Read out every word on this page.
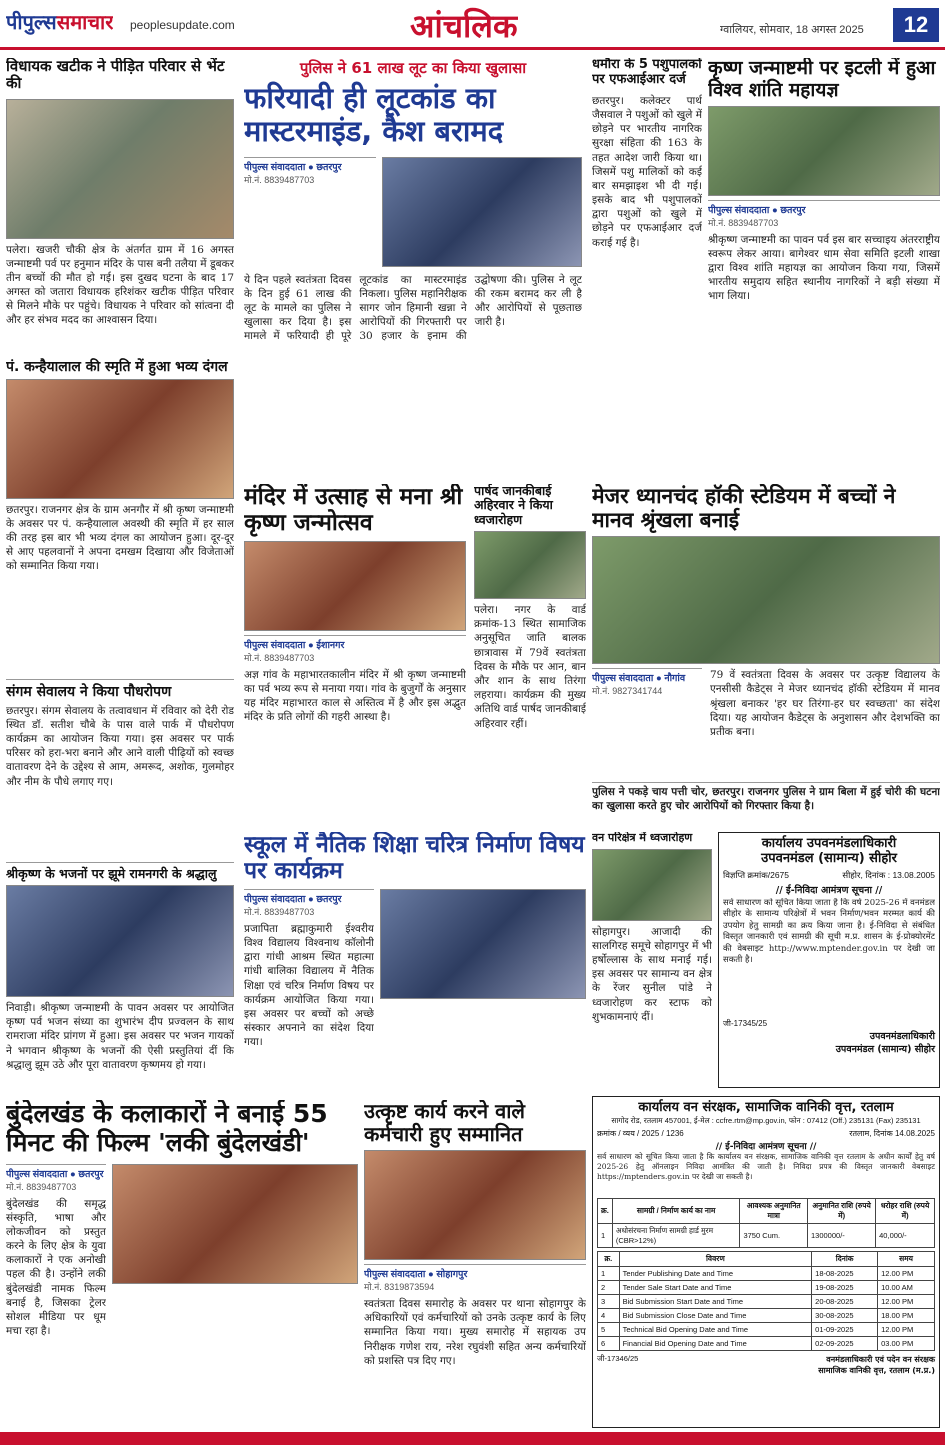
पीपुल्ससमाचार peoplesupdate.com	आंचलिक	ग्वालियर, सोमवार, 18 अगस्त 2025	12
विधायक खटीक ने पीड़ित परिवार से भेंट की
पलेरा। खजरी चौकी क्षेत्र के अंतर्गत ग्राम में 16 अगस्त जन्माष्टमी पर्व पर हनुमान मंदिर के पास बनी तलैया में डूबकर तीन बच्चों की मौत हो गई। इस दुखद घटना के बाद 17 अगस्त को जतारा विधायक हरिशंकर खटीक पीड़ित परिवार से मिलने मौके पर पहुंचे। विधायक ने परिवार को सांत्वना दी और हर संभव मदद का आश्वासन दिया।
पं. कन्हैयालाल की स्मृति में हुआ भव्य दंगल
छतरपुर। राजनगर क्षेत्र के ग्राम अनगौर में श्री कृष्ण जन्माष्टमी के अवसर पर पं. कन्हैयालाल अवस्थी की स्मृति में हर साल की तरह इस बार भी भव्य दंगल का आयोजन हुआ। दूर-दूर से आए पहलवानों ने अपना दमखम दिखाया और विजेताओं को सम्मानित किया गया।
संगम सेवालय ने किया पौधरोपण
छतरपुर। संगम सेवालय के तत्वावधान में रविवार को देरी रोड स्थित डॉ. सतीश चौबे के पास वाले पार्क में पौधरोपण कार्यक्रम का आयोजन किया गया। इस अवसर पर पार्क परिसर को हरा-भरा बनाने और आने वाली पीढ़ियों को स्वच्छ वातावरण देने के उद्देश्य से आम, अमरूद, अशोक, गुलमोहर और नीम के पौधे लगाए गए।
श्रीकृष्ण के भजनों पर झूमे रामनगरी के श्रद्धालु
निवाड़ी। श्रीकृष्ण जन्माष्टमी के पावन अवसर पर आयोजित कृष्ण पर्व भजन संध्या का शुभारंभ दीप प्रज्वलन के साथ रामराजा मंदिर प्रांगण में हुआ। इस अवसर पर भजन गायकों ने भगवान श्रीकृष्ण के भजनों की ऐसी प्रस्तुतियां दीं कि श्रद्धालु झूम उठे और पूरा वातावरण कृष्णमय हो गया।
पुलिस ने 61 लाख लूट का किया खुलासा
फरियादी ही लूटकांड का मास्टरमाइंड, कैश बरामद
पीपुल्स संवाददाता ● छतरपुर
मो.नं. 8839487703
ये दिन पहले स्वतंत्रता दिवस के दिन हुई 61 लाख की लूट के मामले का पुलिस ने खुलासा कर दिया है। इस मामले में फरियादी ही पूरे लूटकांड का मास्टरमाइंड निकला। पुलिस महानिरीक्षक सागर जोन हिमानी खन्ना ने आरोपियों की गिरफ्तारी पर 30 हजार के इनाम की उद्घोषणा की। पुलिस ने लूट की रकम बरामद कर ली है और आरोपियों से पूछताछ जारी है।
धमौरा के 5 पशुपालकों पर एफआईआर दर्ज
छतरपुर। कलेक्टर पार्थ जैसवाल ने पशुओं को खुले में छोड़ने पर भारतीय नागरिक सुरक्षा संहिता की 163 के तहत आदेश जारी किया था। जिसमें पशु मालिकों को कई बार समझाइश भी दी गई। इसके बाद भी पशुपालकों द्वारा पशुओं को खुले में छोड़ने पर एफआईआर दर्ज कराई गई है।
कृष्ण जन्माष्टमी पर इटली में हुआ विश्व शांति महायज्ञ
पीपुल्स संवाददाता ● छतरपुर
मो.नं. 8839487703
श्रीकृष्ण जन्माष्टमी का पावन पर्व इस बार सच्चाइय अंतरराष्ट्रीय स्वरूप लेकर आया। बागेश्वर धाम सेवा समिति इटली शाखा द्वारा विश्व शांति महायज्ञ का आयोजन किया गया, जिसमें भारतीय समुदाय सहित स्थानीय नागरिकों ने बड़ी संख्या में भाग लिया।
मंदिर में उत्साह से मना श्री कृष्ण जन्मोत्सव
पीपुल्स संवाददाता ● ईशानगर
मो.नं. 8839487703
अज्ञ गांव के महाभारतकालीन मंदिर में श्री कृष्ण जन्माष्टमी का पर्व भव्य रूप से मनाया गया। गांव के बुजुर्गों के अनुसार यह मंदिर महाभारत काल से अस्तित्व में है और इस अद्भुत मंदिर के प्रति लोगों की गहरी आस्था है।
पार्षद जानकीबाई अहिरवार ने किया ध्वजारोहण
पलेरा। नगर के वार्ड क्रमांक-13 स्थित सामाजिक अनुसूचित जाति बालक छात्रावास में 79वें स्वतंत्रता दिवस के मौके पर आन, बान और शान के साथ तिरंगा लहराया। कार्यक्रम की मुख्य अतिथि वार्ड पार्षद जानकीबाई अहिरवार रहीं।
मेजर ध्यानचंद हॉकी स्टेडियम में बच्चों ने मानव श्रृंखला बनाई
पीपुल्स संवाददाता ● नौगांव
मो.नं. 9827341744
79 वें स्वतंत्रता दिवस के अवसर पर उत्कृष्ट विद्यालय के एनसीसी कैडेट्स ने मेजर ध्यानचंद हॉकी स्टेडियम में मानव श्रृंखला बनाकर 'हर घर तिरंगा-हर घर स्वच्छता' का संदेश दिया। यह आयोजन कैडेट्स के अनुशासन और देशभक्ति का प्रतीक बना।
पुलिस ने पकड़े चाय पत्ती चोर, छतरपुर। राजनगर पुलिस ने ग्राम बिला में हुई चोरी की घटना का खुलासा करते हुए चोर आरोपियों को गिरफ्तार किया है।
स्कूल में नैतिक शिक्षा चरित्र निर्माण विषय पर कार्यक्रम
पीपुल्स संवाददाता ● छतरपुर
मो.नं. 8839487703
प्रजापिता ब्रह्माकुमारी ईश्वरीय विश्व विद्यालय विश्वनाथ कॉलोनी द्वारा गांधी आश्रम स्थित महात्मा गांधी बालिका विद्यालय में नैतिक शिक्षा एवं चरित्र निर्माण विषय पर कार्यक्रम आयोजित किया गया। इस अवसर पर बच्चों को अच्छे संस्कार अपनाने का संदेश दिया गया।
वन परिक्षेत्र में ध्वजारोहण
सोहागपुर। आजादी की सालगिरह समूचे सोहागपुर में भी हर्षोल्लास के साथ मनाई गई। इस अवसर पर सामान्य वन क्षेत्र के रेंजर सुनील पांडे ने ध्वजारोहण कर स्टाफ को शुभकामनाएं दीं।
कार्यालय उपवनमंडलाधिकारी
उपवनमंडल (सामान्य) सीहोर
विज्ञप्ति क्रमांक/2675	सीहोर, दिनांक : 13.08.2005
// ई-निविदा आमंत्रण सूचना //
सर्व साधारण को सूचित किया जाता है कि वर्ष 2025-26 में वनमंडल सीहोर के सामान्य परिक्षेत्रों में भवन निर्माण/भवन मरम्मत कार्य की उपयोग हेतु सामग्री का क्रय किया जाना है। ई-निविदा से संबंधित विस्तृत जानकारी एवं सामग्री की सूची म.प्र. शासन के ई-प्रोक्योरमेंट की वेबसाइट http://www.mptender.gov.in पर देखी जा सकती है।
जी-17345/25
उपवनमंडलाधिकारी
उपवनमंडल (सामान्य) सीहोर
बुंदेलखंड के कलाकारों ने बनाई 55 मिनट की फिल्म 'लकी बुंदेलखंडी'
पीपुल्स संवाददाता ● छतरपुर
मो.नं. 8839487703
बुंदेलखंड की समृद्ध संस्कृति, भाषा और लोकजीवन को प्रस्तुत करने के लिए क्षेत्र के युवा कलाकारों ने एक अनोखी पहल की है। उन्होंने लकी बुंदेलखंडी नामक फिल्म बनाई है, जिसका ट्रेलर सोशल मीडिया पर धूम मचा रहा है।
उत्कृष्ट कार्य करने वाले कर्मचारी हुए सम्मानित
पीपुल्स संवाददाता ● सोहागपुर
मो.नं. 8319873594
स्वतंत्रता दिवस समारोह के अवसर पर थाना सोहागपुर के अधिकारियों एवं कर्मचारियों को उनके उत्कृष्ट कार्य के लिए सम्मानित किया गया। मुख्य समारोह में सहायक उप निरीक्षक गणेश राय, नरेश रघुवंशी सहित अन्य कर्मचारियों को प्रशस्ति पत्र दिए गए।
कार्यालय वन संरक्षक, सामाजिक वानिकी वृत्त, रतलाम
सागोद रोड, रतलाम 457001, ई-मेल : ccfre.rtm@mp.gov.in, फोन : 07412 (Off.) 235131 (Fax) 235131
क्रमांक / व्यय / 2025 / 1236	रतलाम, दिनांक 14.08.2025
// ई-निविदा आमंत्रण सूचना //
सर्व साधारण को सूचित किया जाता है कि कार्यालय वन संरक्षक, सामाजिक वानिकी वृत्त रतलाम के अधीन कार्यों हेतु वर्ष 2025-26 हेतु ऑनलाइन निविदा आमंत्रित की जाती है। निविदा प्रपत्र की विस्तृत जानकारी वेबसाइट https://mptenders.gov.in पर देखी जा सकती है।
क्र.	सामग्री / निर्माण कार्य का नाम	आवश्यक अनुमानित मात्रा	अनुमानित राशि (रुपये में)	धरोहर राशि (रुपये में)
1	अधोसंरचना निर्माण सामग्री हार्ड मुरम (CBR>12%)	3750 Cum.	1300000/-	40,000/-
क्र.	विवरण	दिनांक	समय
1	Tender Publishing Date and Time	18-08-2025	12.00 PM
2	Tender Sale Start Date and Time	19-08-2025	10.00 AM
3	Bid Submission Start Date and Time	20-08-2025	12.00 PM
4	Bid Submission Close Date and Time	30-08-2025	18.00 PM
5	Technical Bid Opening Date and Time	01-09-2025	12.00 PM
6	Financial Bid Opening Date and Time	02-09-2025	03.00 PM
जी-17346/25	वनमंडलाधिकारी एवं पदेन वन संरक्षक
सामाजिक वानिकी वृत्त, रतलाम (म.प्र.)
